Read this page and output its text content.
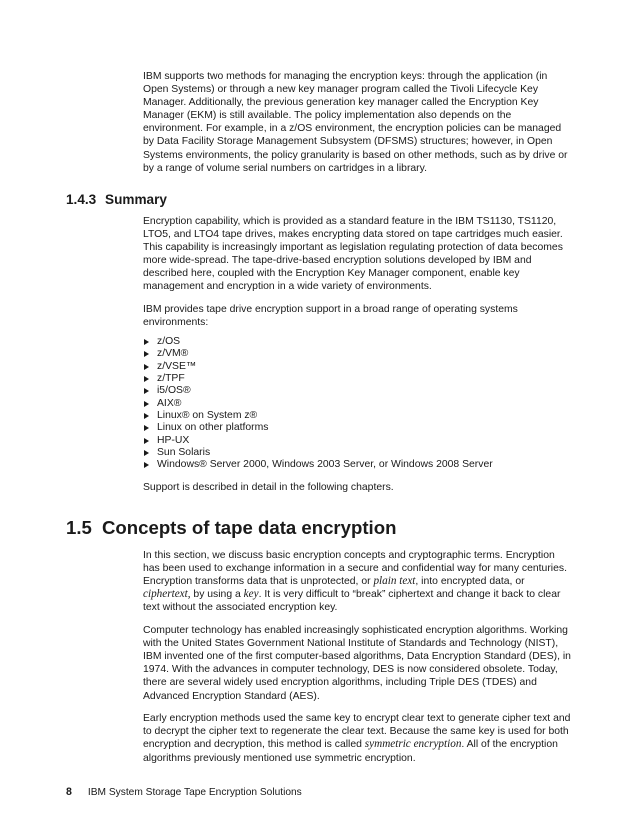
IBM supports two methods for managing the encryption keys: through the application (in Open Systems) or through a new key manager program called the Tivoli Lifecycle Key Manager. Additionally, the previous generation key manager called the Encryption Key Manager (EKM) is still available. The policy implementation also depends on the environment. For example, in a z/OS environment, the encryption policies can be managed by Data Facility Storage Management Subsystem (DFSMS) structures; however, in Open Systems environments, the policy granularity is based on other methods, such as by drive or by a range of volume serial numbers on cartridges in a library.

1.4.3 Summary

Encryption capability, which is provided as a standard feature in the IBM TS1130, TS1120, LTO5, and LTO4 tape drives, makes encrypting data stored on tape cartridges much easier. This capability is increasingly important as legislation regulating protection of data becomes more wide-spread. The tape-drive-based encryption solutions developed by IBM and described here, coupled with the Encryption Key Manager component, enable key management and encryption in a wide variety of environments.

IBM provides tape drive encryption support in a broad range of operating systems environments:

z/OS
z/VM®
z/VSE™
z/TPF
i5/OS®
AIX®
Linux® on System z®
Linux on other platforms
HP-UX
Sun Solaris
Windows® Server 2000, Windows 2003 Server, or Windows 2008 Server

Support is described in detail in the following chapters.

1.5 Concepts of tape data encryption

In this section, we discuss basic encryption concepts and cryptographic terms. Encryption has been used to exchange information in a secure and confidential way for many centuries. Encryption transforms data that is unprotected, or plain text, into encrypted data, or ciphertext, by using a key. It is very difficult to “break” ciphertext and change it back to clear text without the associated encryption key.

Computer technology has enabled increasingly sophisticated encryption algorithms. Working with the United States Government National Institute of Standards and Technology (NIST), IBM invented one of the first computer-based algorithms, Data Encryption Standard (DES), in 1974. With the advances in computer technology, DES is now considered obsolete. Today, there are several widely used encryption algorithms, including Triple DES (TDES) and Advanced Encryption Standard (AES).

Early encryption methods used the same key to encrypt clear text to generate cipher text and to decrypt the cipher text to regenerate the clear text. Because the same key is used for both encryption and decryption, this method is called symmetric encryption. All of the encryption algorithms previously mentioned use symmetric encryption.

8 IBM System Storage Tape Encryption Solutions
